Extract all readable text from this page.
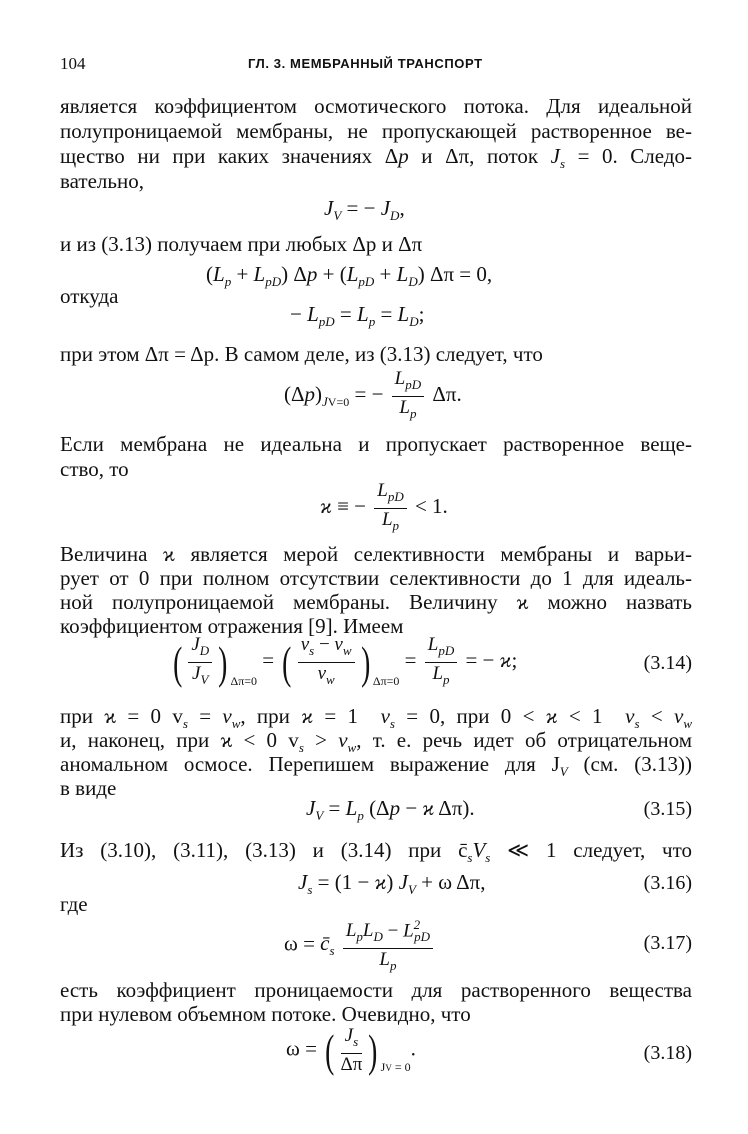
104	ГЛ. 3. МЕМБРАННЫЙ ТРАНСПОРТ
является коэффициентом осмотического потока. Для идеальной
полупроницаемой мембраны, не пропускающей растворенное ве-
щество ни при каких значениях Δp и Δπ, поток $J_s = 0$. Следо-
вательно,
$J_V$ = − $J_D$,
и из (3.13) получаем при любых Δp и Δπ
$(L_p + L_{pD}) \Delta p + (L_{pD} + L_D) \Delta\pi = 0$,
откуда
− $L_{pD} = L_p = L_D$;
при этом Δπ = Δp. В самом деле, из (3.13) следует, что
$(\Delta p)_{JV=0}$ = − $\frac{L_{pD}}{L_p} \Delta\pi$.
Если мембрана не идеальна и пропускает растворенное веще-
ство, то
ϰ ≡ − $\frac{L_{pD}}{L_p} < 1$.
Величина ϰ является мерой селективности мембраны и варьи-
рует от 0 при полном отсутствии селективности до 1 для идеаль-
ной полупроницаемой мембраны. Величину ϰ можно назвать
коэффициентом отражения [9]. Имеем
( $\frac{J_D}{J_V}$ ) $_{\Delta\pi=0}$ = ( $\frac{v_s - v_w}{v_w}$ ) $_{\Delta\pi=0} = \frac{L_{pD}}{L_p}$ = − ϰ;	(3.14)
при ϰ = 0 $v_s = v_w$, при ϰ = 1  $v_s = 0$, при 0 < ϰ < 1  $v_s < v_w$
и, наконец, при ϰ < 0 $v_s > v_w$, т. е. речь идет об отрицательном
аномальном осмосе. Перепишем выражение для $J_V$ (см. (3.13))
в виде
$J_V = L_p$ (Δp − ϰ Δπ).	(3.15)
Из (3.10), (3.11), (3.13) и (3.14) при $c̄_sV_s$ ≪ 1 следует, что
$J_s = (1 - ϰ) J_V + \omega$ Δπ,	(3.16)
где
$\omega = c̄_s \frac{L_pL_D - L^2_{pD}}{L_p}$	(3.17)
есть коэффициент проницаемости для растворенного вещества
при нулевом объемном потоке. Очевидно, что
ω = ( $\frac{J_s}{\Delta\pi}$ ) $_{JV = 0}$.	(3.18)
